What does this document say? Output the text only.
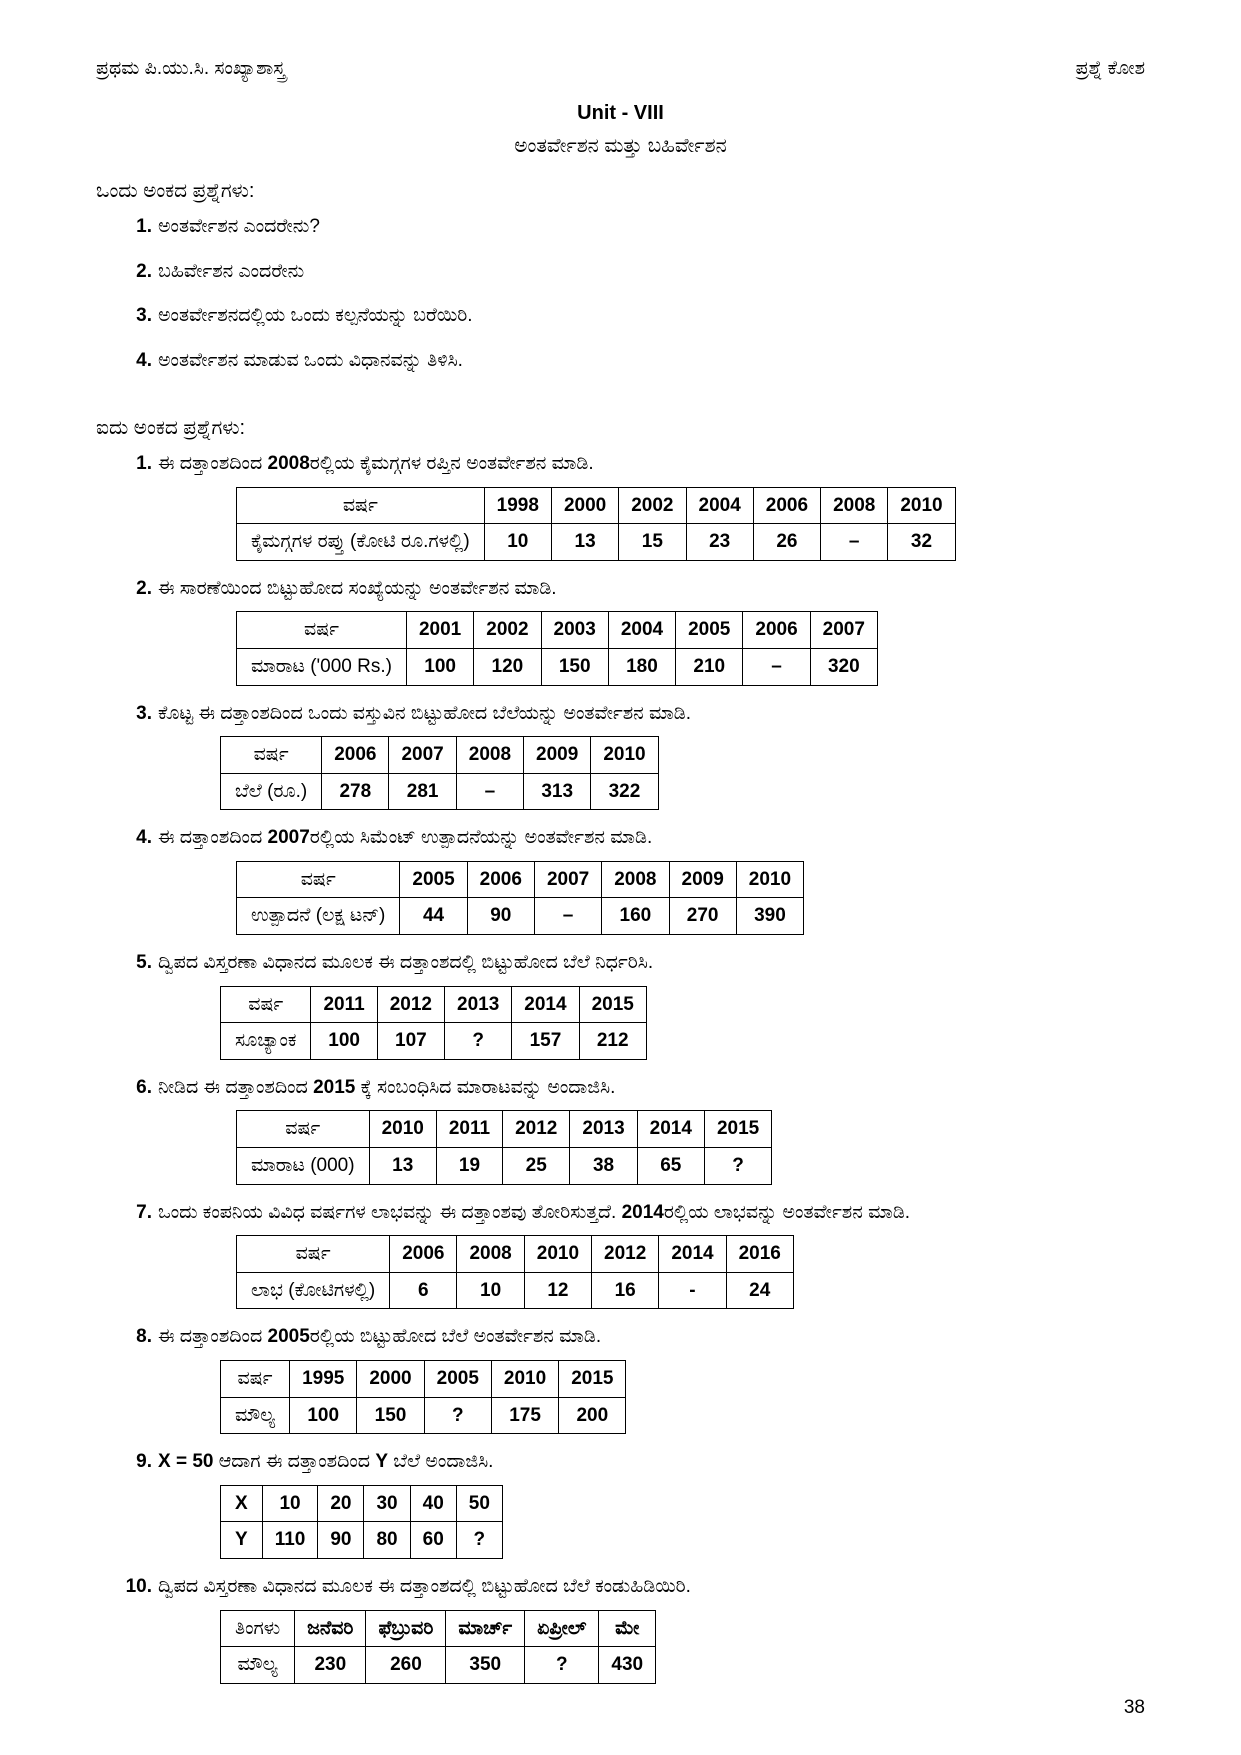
ಪ್ರಥಮ ಪಿ.ಯು.ಸಿ. ಸಂಖ್ಯಾಶಾಸ್ತ್ರ	ಪ್ರಶ್ನೆ ಕೋಶ
Unit - VIII
ಅಂತರ್ವೇಶನ ಮತ್ತು ಬಹಿರ್ವೇಶನ
ಒಂದು ಅಂಕದ ಪ್ರಶ್ನೆಗಳು:
ಅಂತರ್ವೇಶನ ಎಂದರೇನು?
ಬಹಿರ್ವೇಶನ ಎಂದರೇನು
ಅಂತರ್ವೇಶನದಲ್ಲಿಯ ಒಂದು ಕಲ್ಪನೆಯನ್ನು ಬರೆಯಿರಿ.
ಅಂತರ್ವೇಶನ ಮಾಡುವ ಒಂದು ವಿಧಾನವನ್ನು ತಿಳಿಸಿ.
ಐದು ಅಂಕದ ಪ್ರಶ್ನೆಗಳು:
ಈ ದತ್ತಾಂಶದಿಂದ 2008ರಲ್ಲಿಯ ಕೈಮಗ್ಗಗಳ ರಪ್ತಿನ ಅಂತರ್ವೇಶನ ಮಾಡಿ.
ವರ್ಷ	1998	2000	2002	2004	2006	2008	2010
ಕೈಮಗ್ಗಗಳ ರಪ್ತು (ಕೋಟಿ ರೂ.ಗಳಲ್ಲಿ)	10	13	15	23	26	–	32
ಈ ಸಾರಣೆಯಿಂದ ಬಿಟ್ಟುಹೋದ ಸಂಖ್ಯೆಯನ್ನು ಅಂತರ್ವೇಶನ ಮಾಡಿ.
ವರ್ಷ	2001	2002	2003	2004	2005	2006	2007
ಮಾರಾಟ ('000 Rs.)	100	120	150	180	210	–	320
ಕೊಟ್ಟ ಈ ದತ್ತಾಂಶದಿಂದ ಒಂದು ವಸ್ತುವಿನ ಬಿಟ್ಟುಹೋದ ಬೆಲೆಯನ್ನು ಅಂತರ್ವೇಶನ ಮಾಡಿ.
ವರ್ಷ	2006	2007	2008	2009	2010
ಬೆಲೆ (ರೂ.)	278	281	–	313	322
ಈ ದತ್ತಾಂಶದಿಂದ 2007ರಲ್ಲಿಯ ಸಿಮೆಂಟ್ ಉತ್ಪಾದನೆಯನ್ನು ಅಂತರ್ವೇಶನ ಮಾಡಿ.
ವರ್ಷ	2005	2006	2007	2008	2009	2010
ಉತ್ಪಾದನೆ (ಲಕ್ಷ ಟನ್)	44	90	–	160	270	390
ದ್ವಿಪದ ವಿಸ್ತರಣಾ ವಿಧಾನದ ಮೂಲಕ ಈ ದತ್ತಾಂಶದಲ್ಲಿ ಬಿಟ್ಟುಹೋದ ಬೆಲೆ ನಿರ್ಧರಿಸಿ.
ವರ್ಷ	2011	2012	2013	2014	2015
ಸೂಚ್ಯಾಂಕ	100	107	?	157	212
ನೀಡಿದ ಈ ದತ್ತಾಂಶದಿಂದ 2015 ಕ್ಕೆ ಸಂಬಂಧಿಸಿದ ಮಾರಾಟವನ್ನು ಅಂದಾಜಿಸಿ.
ವರ್ಷ	2010	2011	2012	2013	2014	2015
ಮಾರಾಟ (000)	13	19	25	38	65	?
ಒಂದು ಕಂಪನಿಯ ವಿವಿಧ ವರ್ಷಗಳ ಲಾಭವನ್ನು ಈ ದತ್ತಾಂಶವು ತೋರಿಸುತ್ತದೆ. 2014ರಲ್ಲಿಯ ಲಾಭವನ್ನು ಅಂತರ್ವೇಶನ ಮಾಡಿ.
ವರ್ಷ	2006	2008	2010	2012	2014	2016
ಲಾಭ (ಕೋಟಿಗಳಲ್ಲಿ)	6	10	12	16	-	24
ಈ ದತ್ತಾಂಶದಿಂದ 2005ರಲ್ಲಿಯ ಬಿಟ್ಟುಹೋದ ಬೆಲೆ ಅಂತರ್ವೇಶನ ಮಾಡಿ.
ವರ್ಷ	1995	2000	2005	2010	2015
ಮೌಲ್ಯ	100	150	?	175	200
X = 50 ಆದಾಗ ಈ ದತ್ತಾಂಶದಿಂದ Y ಬೆಲೆ ಅಂದಾಜಿಸಿ.
X	10	20	30	40	50
Y	110	90	80	60	?
ದ್ವಿಪದ ವಿಸ್ತರಣಾ ವಿಧಾನದ ಮೂಲಕ ಈ ದತ್ತಾಂಶದಲ್ಲಿ ಬಿಟ್ಟುಹೋದ ಬೆಲೆ ಕಂಡುಹಿಡಿಯಿರಿ.
ತಿಂಗಳು	ಜನೆವರಿ	ಫೆಬ್ರುವರಿ	ಮಾರ್ಚ್	ಏಪ್ರೀಲ್	ಮೇ
ಮೌಲ್ಯ	230	260	350	?	430
38
